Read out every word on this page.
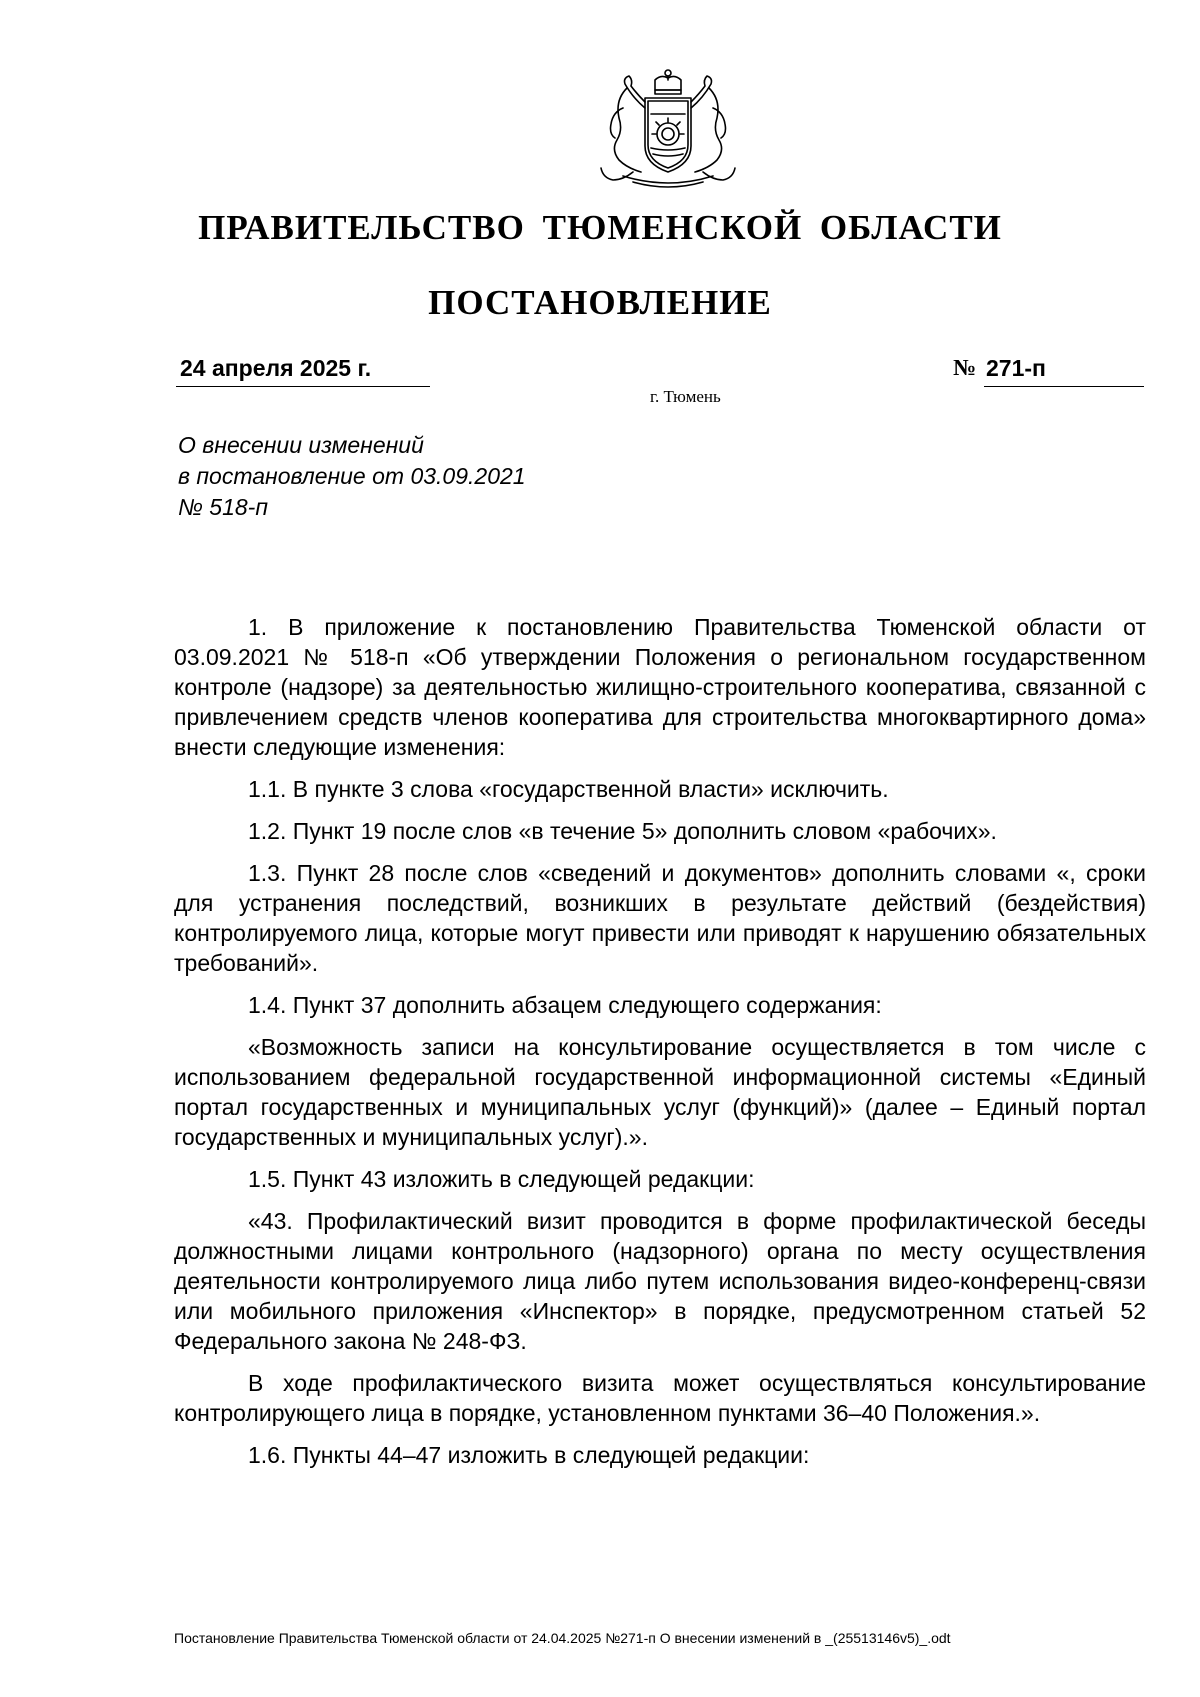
ПРАВИТЕЛЬСТВО ТЮМЕНСКОЙ ОБЛАСТИ
ПОСТАНОВЛЕНИЕ
24 апреля 2025 г.	№ 271-п
г. Тюмень
О внесении изменений
в постановление от 03.09.2021
№ 518-п

1. В приложение к постановлению Правительства Тюменской области от 03.09.2021 № 518-п «Об утверждении Положения о региональном государственном контроле (надзоре) за деятельностью жилищно-строительного кооператива, связанной с привлечением средств членов кооператива для строительства многоквартирного дома» внести следующие изменения:

1.1. В пункте 3 слова «государственной власти» исключить.

1.2. Пункт 19 после слов «в течение 5» дополнить словом «рабочих».

1.3. Пункт 28 после слов «сведений и документов» дополнить словами «, сроки для устранения последствий, возникших в результате действий (бездействия) контролируемого лица, которые могут привести или приводят к нарушению обязательных требований».

1.4. Пункт 37 дополнить абзацем следующего содержания:

«Возможность записи на консультирование осуществляется в том числе с использованием федеральной государственной информационной системы «Единый портал государственных и муниципальных услуг (функций)» (далее – Единый портал государственных и муниципальных услуг).».

1.5. Пункт 43 изложить в следующей редакции:

«43. Профилактический визит проводится в форме профилактической беседы должностными лицами контрольного (надзорного) органа по месту осуществления деятельности контролируемого лица либо путем использования видео-конференц-связи или мобильного приложения «Инспектор» в порядке, предусмотренном статьей 52 Федерального закона № 248-ФЗ.

В ходе профилактического визита может осуществляться консультирование контролирующего лица в порядке, установленном пунктами 36–40 Положения.».

1.6. Пункты 44–47 изложить в следующей редакции:

Постановление Правительства Тюменской области от 24.04.2025 №271-п О внесении изменений в _(25513146v5)_.odt
